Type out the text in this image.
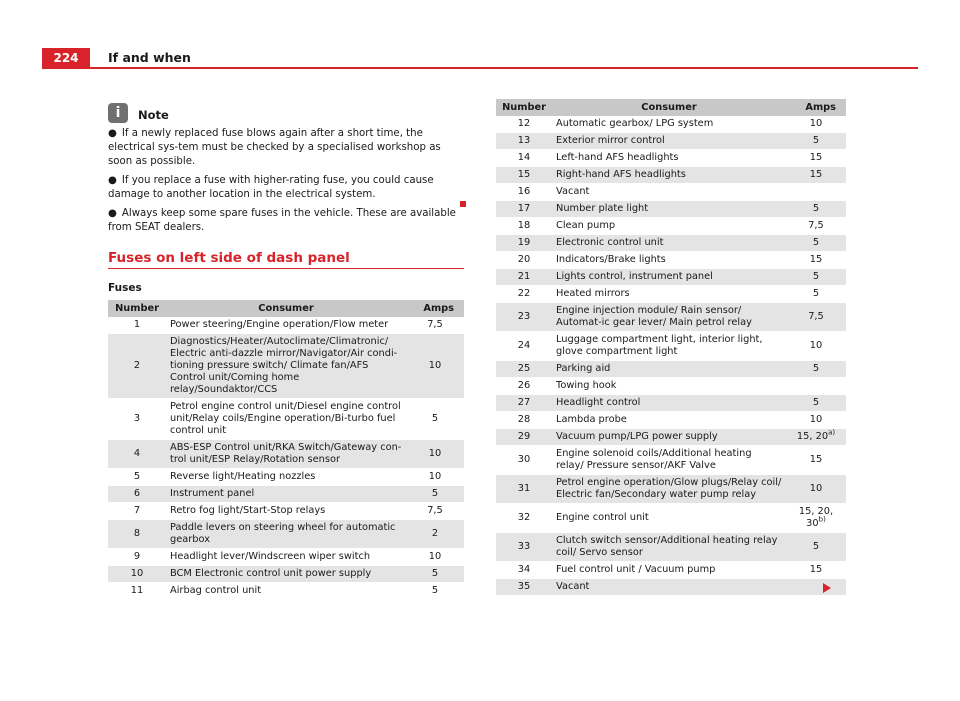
224	If and when
i	Note
● If a newly replaced fuse blows again after a short time, the electrical sys-tem must be checked by a specialised workshop as soon as possible.
● If you replace a fuse with higher-rating fuse, you could cause damage to another location in the electrical system.
● Always keep some spare fuses in the vehicle. These are available from SEAT dealers.
Fuses on left side of dash panel
Fuses
Number	Consumer	Amps
1	Power steering/Engine operation/Flow meter	7,5
2	Diagnostics/Heater/Autoclimate/Climatronic/ Electric anti-dazzle mirror/Navigator/Air condi-tioning pressure switch/ Climate fan/AFS Control unit/Coming home relay/Soundaktor/CCS	10
3	Petrol engine control unit/Diesel engine control unit/Relay coils/Engine operation/Bi-turbo fuel control unit	5
4	ABS-ESP Control unit/RKA Switch/Gateway con-trol unit/ESP Relay/Rotation sensor	10
5	Reverse light/Heating nozzles	10
6	Instrument panel	5
7	Retro fog light/Start-Stop relays	7,5
8	Paddle levers on steering wheel for automatic gearbox	2
9	Headlight lever/Windscreen wiper switch	10
10	BCM Electronic control unit power supply	5
11	Airbag control unit	5
Number	Consumer	Amps
12	Automatic gearbox/ LPG system	10
13	Exterior mirror control	5
14	Left-hand AFS headlights	15
15	Right-hand AFS headlights	15
16	Vacant	
17	Number plate light	5
18	Clean pump	7,5
19	Electronic control unit	5
20	Indicators/Brake lights	15
21	Lights control, instrument panel	5
22	Heated mirrors	5
23	Engine injection module/ Rain sensor/ Automat-ic gear lever/ Main petrol relay	7,5
24	Luggage compartment light, interior light, glove compartment light	10
25	Parking aid	5
26	Towing hook	
27	Headlight control	5
28	Lambda probe	10
29	Vacuum pump/LPG power supply	15, 20$^{a)}$
30	Engine solenoid coils/Additional heating relay/ Pressure sensor/AKF Valve	15
31	Petrol engine operation/Glow plugs/Relay coil/ Electric fan/Secondary water pump relay	10
32	Engine control unit	15, 20, 30$^{b)}$
33	Clutch switch sensor/Additional heating relay coil/ Servo sensor	5
34	Fuel control unit / Vacuum pump	15
35	Vacant	
